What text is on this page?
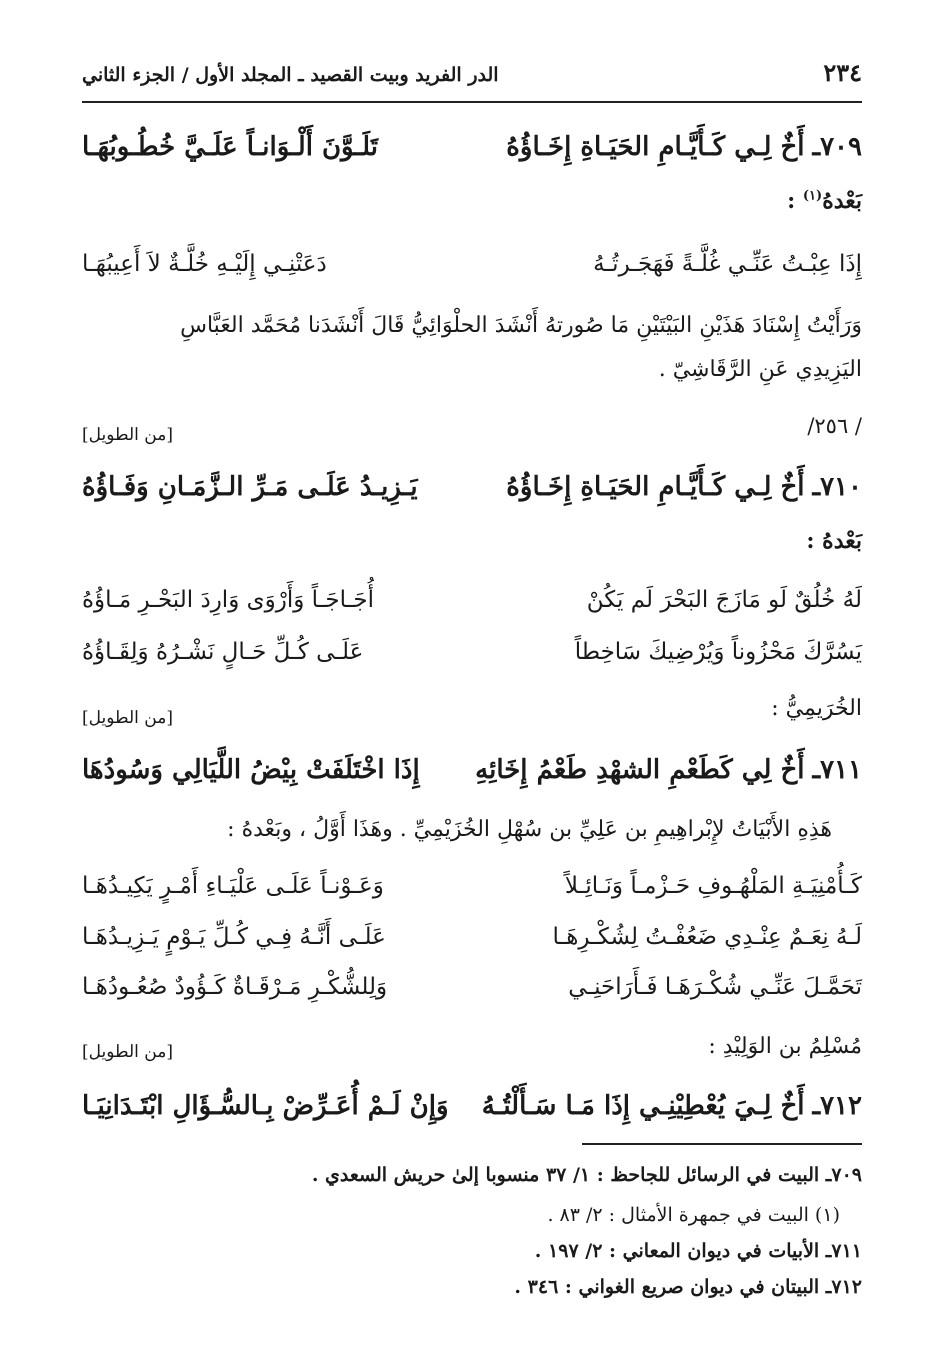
٢٣٤
الدر الفريد وبيت القصيد ـ المجلد الأول / الجزء الثاني
٧٠٩ـ
أَخٌ لِـي كَـأَيَّـامِ الحَيَـاةِ إِخَـاؤُهُ
تَلَـوَّنَ أَلْـوَانـاً عَلَـيَّ خُطُـوبُهَـا
بَعْدهُ$^{(١)}$ :
إِذَا عِبْـتُ عَنِّـي غُلَّـةً فَهَجَـرتُـهُ
دَعَتْنِـي إِلَيْـهِ خُلَّـةٌ لاَ أَعِيبُهَـا
وَرَأَيْتُ إِسْنَادَ هَذَيْنِ البَيْتَيْنِ مَا صُورتهُ أَنْشَدَ الحلْوَائِيُّ قَالَ أَنْشَدَنا مُحَمَّد العَبَّاسِ
اليَزِيدِي عَنِ الرَّقَاشِيّ .
/ ٢٥٦/
[من الطويل]
٧١٠ـ
أَخٌ لِـي كَـأَيَّـامِ الحَيَـاةِ إِخَـاؤُهُ
يَـزِيـدُ عَلَـى مَـرِّ الـزَّمَـانِ وَفَـاؤُهُ
بَعْدهُ :
لَهُ خُلُقٌ لَو مَازَجَ البَحْرَ لَم يَكُنْ
أُجَـاجَـاً وَأَرْوَى وَارِدَ البَحْـرِ مَـاؤُهُ
يَسُرَّكَ مَحْزُوناً وَيُرْضِيكَ سَاخِطاً
عَلَـى كُـلِّ حَـالٍ نَشْـرُهُ وَلِقَـاؤُهُ
الخُرَيمِيُّ :
[من الطويل]
٧١١ـ
أَخٌ لِي كَطَعْمِ الشهْدِ طَعْمُ إِخَائِهِ
إِذَا اخْتَلَفَتْ بِيْضُ اللَّيَالِي وَسُودُهَا
هَذِهِ الأَبْيَاتُ لإِبْراهِيمِ بن عَلِيِّ بن سُهْلِ الخُزَيْمِيِّ . وهَذَا أَوَّلُ ، وبَعْدهُ :
كَـأُمْنِيَـةِ المَلْهُـوفِ حَـزْمـاً وَنَـائِـلاً
وَعَـوْنـاً عَلَـى عَلْيَـاءِ أَمْـرٍ يَكِيـدُهَـا
لَـهُ نِعَـمٌ عِنْـدِي ضَعُفْـتُ لِشُكْـرِهَـا
عَلَـى أَنَّـهُ فِـي كُـلِّ يَـوْمٍ يَـزِيـدُهَـا
تَحَمَّـلَ عَنِّـي شُكْـرَهَـا فَـأَرَاحَنِـي
وَلِلشُّكْـرِ مَـرْقَـاةٌ كَـؤُودٌ صُعُـودُهَـا
مُسْلِمُ بن الوَلِيْدِ :
[من الطويل]
٧١٢ـ
أَخٌ لِـيَ يُعْطِيْنِـي إِذَا مَـا سَـأَلْتُـهُ
وَإِنْ لَـمْ أُعَـرِّضْ بِـالسُّـؤَالِ ابْتَـدَانِيَـا
٧٠٩ـ البيت في الرسائل للجاحظ : ١/ ٣٧ منسوبا إلىٰ حريش السعدي .
(١) البيت في جمهرة الأمثال : ٢/ ٨٣ .
٧١١ـ الأبيات في ديوان المعاني : ٢/ ١٩٧ .
٧١٢ـ البيتان في ديوان صريع الغواني : ٣٤٦ .
